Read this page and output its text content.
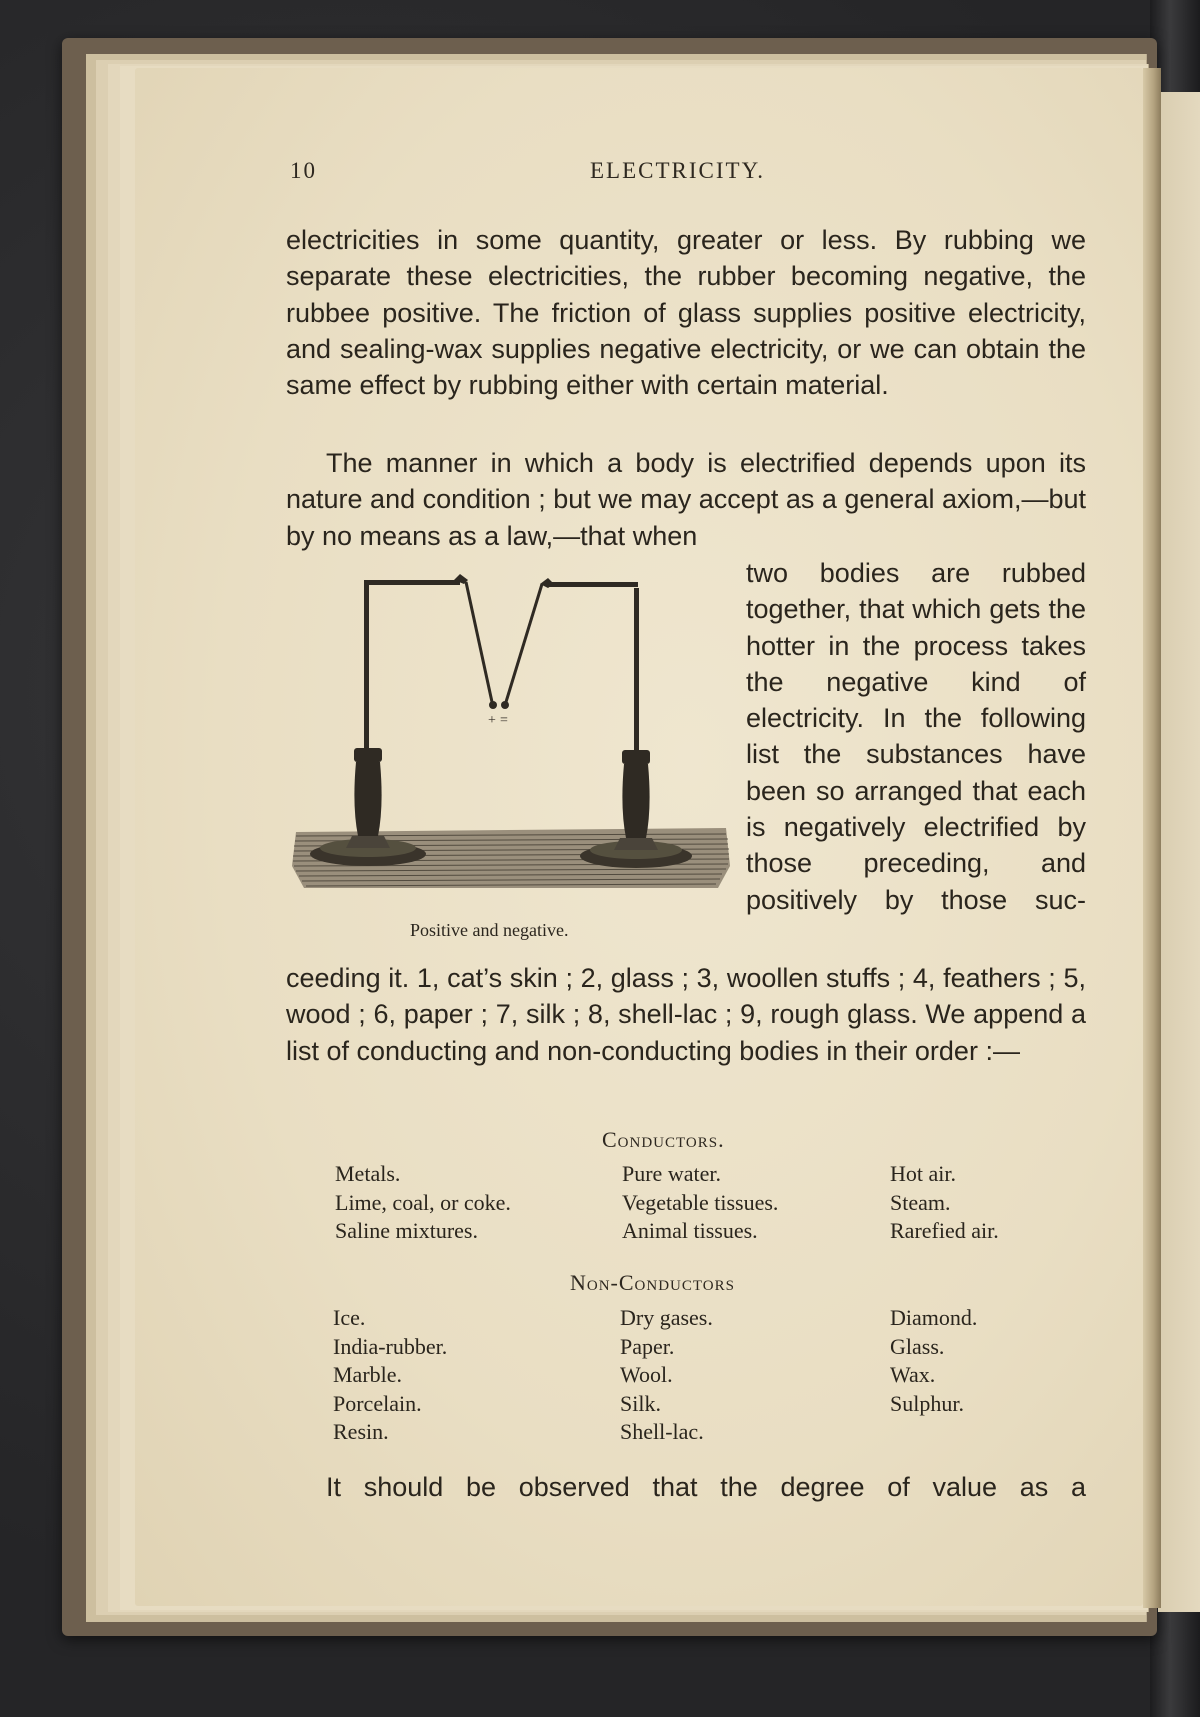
10	ELECTRICITY.
electricities in some quantity, greater or less. By rubbing we separate these electricities, the rubber becoming negative, the rubbee positive. The friction of glass supplies positive electricity, and sealing-wax supplies negative electricity, or we can obtain the same effect by rubbing either with certain material.
The manner in which a body is electrified depends upon its nature and condition ; but we may accept as a general axiom,—but by no means as a law,—that when
+ =
Positive and negative.
two bodies are rubbed together, that which gets the hotter in the process takes the negative kind of electricity. In the following list the substances have been so arranged that each is negatively electrified by those preceding, and positively by those suc-
ceeding it. 1, cat’s skin ; 2, glass ; 3, woollen stuffs ; 4, feathers ; 5, wood ; 6, paper ; 7, silk ; 8, shell-lac ; 9, rough glass. We append a list of conducting and non-conducting bodies in their order :—
Conductors.
Metals.
Lime, coal, or coke.
Saline mixtures.
Pure water.
Vegetable tissues.
Animal tissues.
Hot air.
Steam.
Rarefied air.
Non-Conductors
Ice.
India-rubber.
Marble.
Porcelain.
Resin.
Dry gases.
Paper.
Wool.
Silk.
Shell-lac.
Diamond.
Glass.
Wax.
Sulphur.
It should be observed that the degree of value as a
